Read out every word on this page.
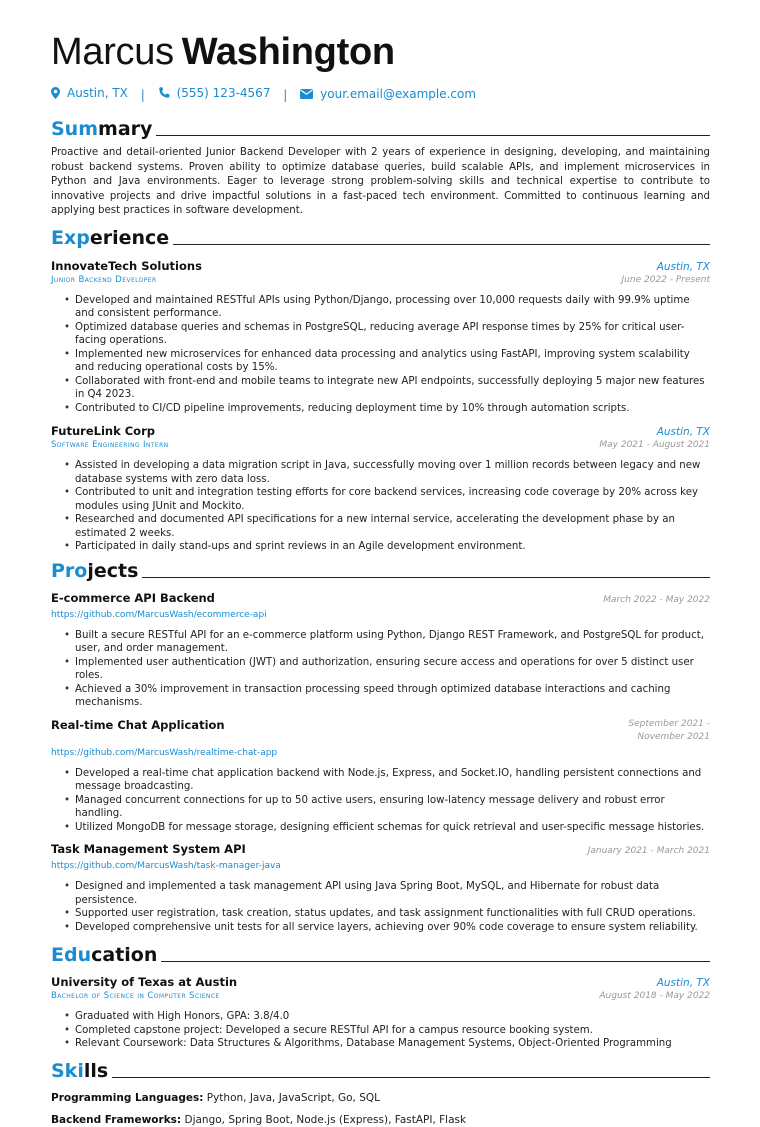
Marcus Washington
Austin, TX |	(555) 123-4567 |	your.email@example.com
Summary
Proactive and detail-oriented Junior Backend Developer with 2 years of experience in designing, developing, and maintaining robust backend systems. Proven ability to optimize database queries, build scalable APIs, and implement microservices in Python and Java environments. Eager to leverage strong problem-solving skills and technical expertise to contribute to innovative projects and drive impactful solutions in a fast-paced tech environment. Committed to continuous learning and applying best practices in software development.
Experience
InnovateTech Solutions	Austin, TX
Junior Backend Developer	June 2022 - Present
• Developed and maintained RESTful APIs using Python/Django, processing over 10,000 requests daily with 99.9% uptime and consistent performance.
• Optimized database queries and schemas in PostgreSQL, reducing average API response times by 25% for critical user-facing operations.
• Implemented new microservices for enhanced data processing and analytics using FastAPI, improving system scalability and reducing operational costs by 15%.
• Collaborated with front-end and mobile teams to integrate new API endpoints, successfully deploying 5 major new features in Q4 2023.
• Contributed to CI/CD pipeline improvements, reducing deployment time by 10% through automation scripts.
FutureLink Corp	Austin, TX
Software Engineering Intern	May 2021 - August 2021
• Assisted in developing a data migration script in Java, successfully moving over 1 million records between legacy and new database systems with zero data loss.
• Contributed to unit and integration testing efforts for core backend services, increasing code coverage by 20% across key modules using JUnit and Mockito.
• Researched and documented API specifications for a new internal service, accelerating the development phase by an estimated 2 weeks.
• Participated in daily stand-ups and sprint reviews in an Agile development environment.
Projects
E-commerce API Backend	March 2022 - May 2022
https://github.com/MarcusWash/ecommerce-api
• Built a secure RESTful API for an e-commerce platform using Python, Django REST Framework, and PostgreSQL for product, user, and order management.
• Implemented user authentication (JWT) and authorization, ensuring secure access and operations for over 5 distinct user roles.
• Achieved a 30% improvement in transaction processing speed through optimized database interactions and caching mechanisms.
Real-time Chat Application	September 2021 - November 2021
https://github.com/MarcusWash/realtime-chat-app
• Developed a real-time chat application backend with Node.js, Express, and Socket.IO, handling persistent connections and message broadcasting.
• Managed concurrent connections for up to 50 active users, ensuring low-latency message delivery and robust error handling.
• Utilized MongoDB for message storage, designing efficient schemas for quick retrieval and user-specific message histories.
Task Management System API	January 2021 - March 2021
https://github.com/MarcusWash/task-manager-java
• Designed and implemented a task management API using Java Spring Boot, MySQL, and Hibernate for robust data persistence.
• Supported user registration, task creation, status updates, and task assignment functionalities with full CRUD operations.
• Developed comprehensive unit tests for all service layers, achieving over 90% code coverage to ensure system reliability.
Education
University of Texas at Austin	Austin, TX
Bachelor of Science in Computer Science	August 2018 - May 2022
• Graduated with High Honors, GPA: 3.8/4.0
• Completed capstone project: Developed a secure RESTful API for a campus resource booking system.
• Relevant Coursework: Data Structures & Algorithms, Database Management Systems, Object-Oriented Programming
Skills
Programming Languages: Python, Java, JavaScript, Go, SQL
Backend Frameworks: Django, Spring Boot, Node.js (Express), FastAPI, Flask
